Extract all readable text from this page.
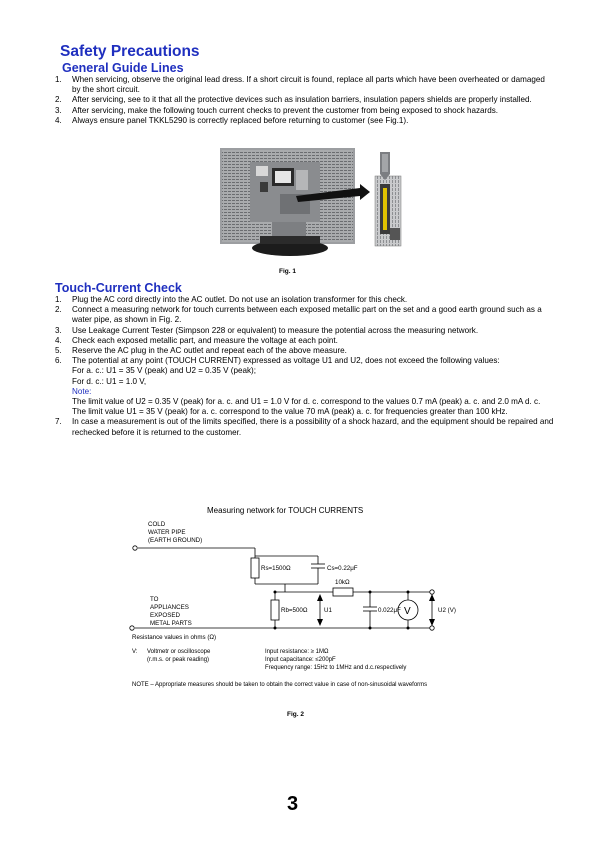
Safety Precautions
General Guide Lines
1. When servicing, observe the original lead dress. If a short circuit is found, replace all parts which have been overheated or damaged by the short circuit.
2. After servicing, see to it that all the protective devices such as insulation barriers, insulation papers shields are properly installed.
3. After servicing, make the following touch current checks to prevent the customer from being exposed to shock hazards.
4. Always ensure panel TKKL5290 is correctly replaced before returning to customer (see Fig.1).
Fig. 1
Touch-Current Check
1. Plug the AC cord directly into the AC outlet. Do not use an isolation transformer for this check.
2. Connect a measuring network for touch currents between each exposed metallic part on the set and a good earth ground such as a water pipe, as shown in Fig. 2.
3. Use Leakage Current Tester (Simpson 228 or equivalent) to measure the potential across the measuring network.
4. Check each exposed metallic part, and measure the voltage at each point.
5. Reserve the AC plug in the AC outlet and repeat each of the above measure.
6. The potential at any point (TOUCH CURRENT) expressed as voltage U1 and U2, does not exceed the following values:
For a. c.: U1 = 35 V (peak) and U2 = 0.35 V (peak);
For d. c.: U1 = 1.0 V,
Note:
The limit value of U2 = 0.35 V (peak) for a. c. and U1 = 1.0 V for d. c. correspond to the values 0.7 mA (peak) a. c. and 2.0 mA d. c.
The limit value U1 = 35 V (peak) for a. c. correspond to the value 70 mA (peak) a. c. for frequencies greater than 100 kHz.
7. In case a measurement is out of the limits specified, there is a possibility of a shock hazard, and the equipment should be repaired and rechecked before it is returned to the customer.
Measuring network for TOUCH CURRENTS
COLD
WATER PIPE
(EARTH GROUND)
Rs=1500Ω	Cs=0.22μF
10kΩ
TO
APPLIANCES
EXPOSED
METAL PARTS
Rb=500Ω	U1	0.022μF V	U2 (V)
Resistance values in ohms (Ω)
V: Voltmetr or oscilloscope
(r.m.s. or peak reading)
Input resistance: ≥ 1MΩ
Input capacitance: ≤200pF
Frequency range: 15Hz to 1MHz and d.c.respectively
NOTE – Appropriate measures should be taken to obtain the correct value in case of non-sinusoidal waveforms
Fig. 2
3
